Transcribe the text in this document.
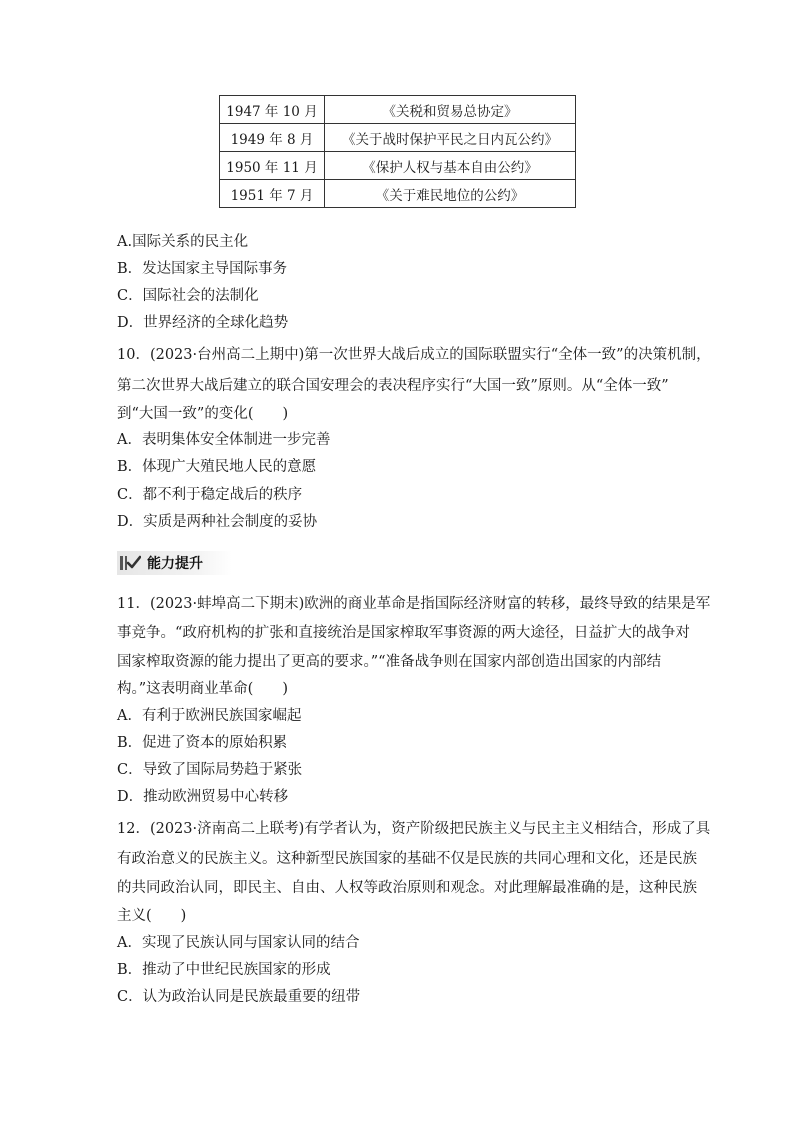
1947 年 10 月	《关税和贸易总协定》
1949 年 8 月	《关于战时保护平民之日内瓦公约》
1950 年 11 月	《保护人权与基本自由公约》
1951 年 7 月	《关于难民地位的公约》
A.国际关系的民主化
B．发达国家主导国际事务
C．国际社会的法制化
D．世界经济的全球化趋势
10．(2023·台州高二上期中)第一次世界大战后成立的国际联盟实行“全体一致”的决策机制，
第二次世界大战后建立的联合国安理会的表决程序实行“大国一致”原则。从“全体一致”
到“大国一致”的变化(　　)
A．表明集体安全体制进一步完善
B．体现广大殖民地人民的意愿
C．都不利于稳定战后的秩序
D．实质是两种社会制度的妥协
能力提升
11．(2023·蚌埠高二下期末)欧洲的商业革命是指国际经济财富的转移，最终导致的结果是军
事竞争。“政府机构的扩张和直接统治是国家榨取军事资源的两大途径，日益扩大的战争对
国家榨取资源的能力提出了更高的要求。”“准备战争则在国家内部创造出国家的内部结
构。”这表明商业革命(　　)
A．有利于欧洲民族国家崛起
B．促进了资本的原始积累
C．导致了国际局势趋于紧张
D．推动欧洲贸易中心转移
12．(2023·济南高二上联考)有学者认为，资产阶级把民族主义与民主主义相结合，形成了具
有政治意义的民族主义。这种新型民族国家的基础不仅是民族的共同心理和文化，还是民族
的共同政治认同，即民主、自由、人权等政治原则和观念。对此理解最准确的是，这种民族
主义(　　)
A．实现了民族认同与国家认同的结合
B．推动了中世纪民族国家的形成
C．认为政治认同是民族最重要的纽带
